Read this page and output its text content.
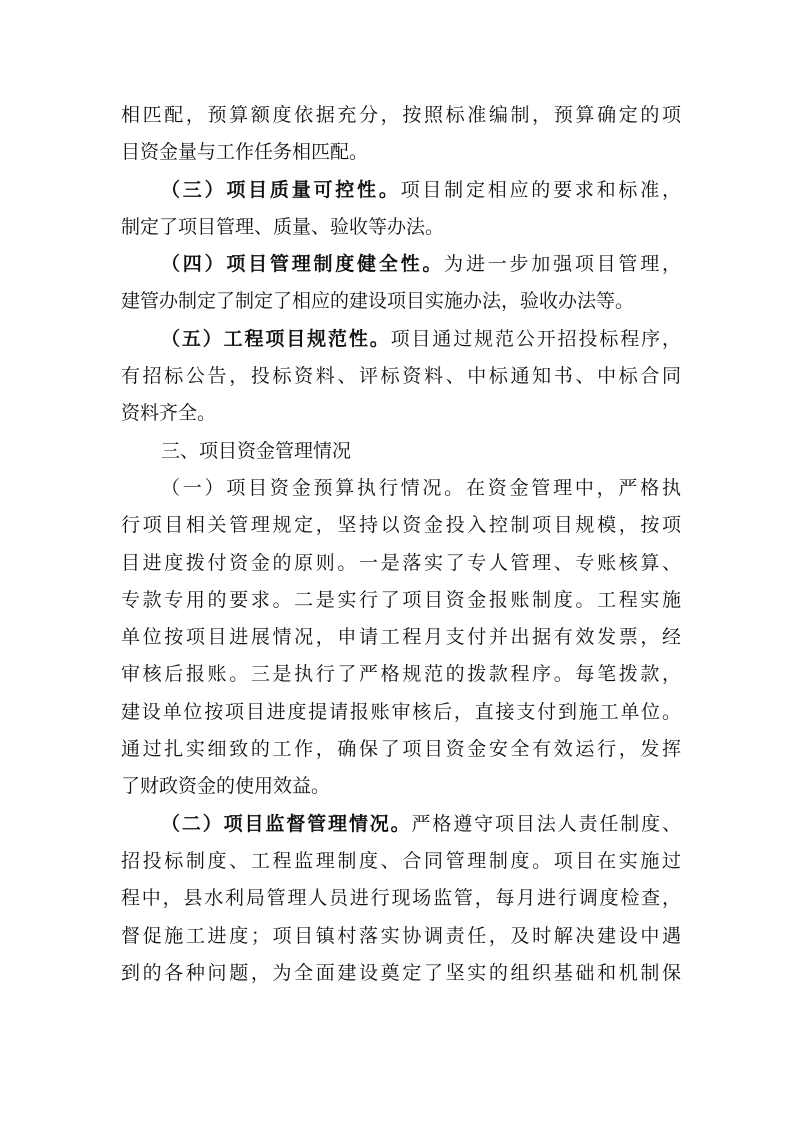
相匹配，预算额度依据充分，按照标准编制，预算确定的项
目资金量与工作任务相匹配。
（三）项目质量可控性。项目制定相应的要求和标准，
制定了项目管理、质量、验收等办法。
（四）项目管理制度健全性。为进一步加强项目管理，
建管办制定了制定了相应的建设项目实施办法，验收办法等。
（五）工程项目规范性。项目通过规范公开招投标程序，
有招标公告，投标资料、评标资料、中标通知书、中标合同
资料齐全。
三、项目资金管理情况
（一）项目资金预算执行情况。在资金管理中，严格执
行项目相关管理规定，坚持以资金投入控制项目规模，按项
目进度拨付资金的原则。一是落实了专人管理、专账核算、
专款专用的要求。二是实行了项目资金报账制度。工程实施
单位按项目进展情况，申请工程月支付并出据有效发票，经
审核后报账。三是执行了严格规范的拨款程序。每笔拨款，
建设单位按项目进度提请报账审核后，直接支付到施工单位。
通过扎实细致的工作，确保了项目资金安全有效运行，发挥
了财政资金的使用效益。
（二）项目监督管理情况。严格遵守项目法人责任制度、
招投标制度、工程监理制度、合同管理制度。项目在实施过
程中，县水利局管理人员进行现场监管，每月进行调度检查，
督促施工进度；项目镇村落实协调责任，及时解决建设中遇
到的各种问题，为全面建设奠定了坚实的组织基础和机制保
